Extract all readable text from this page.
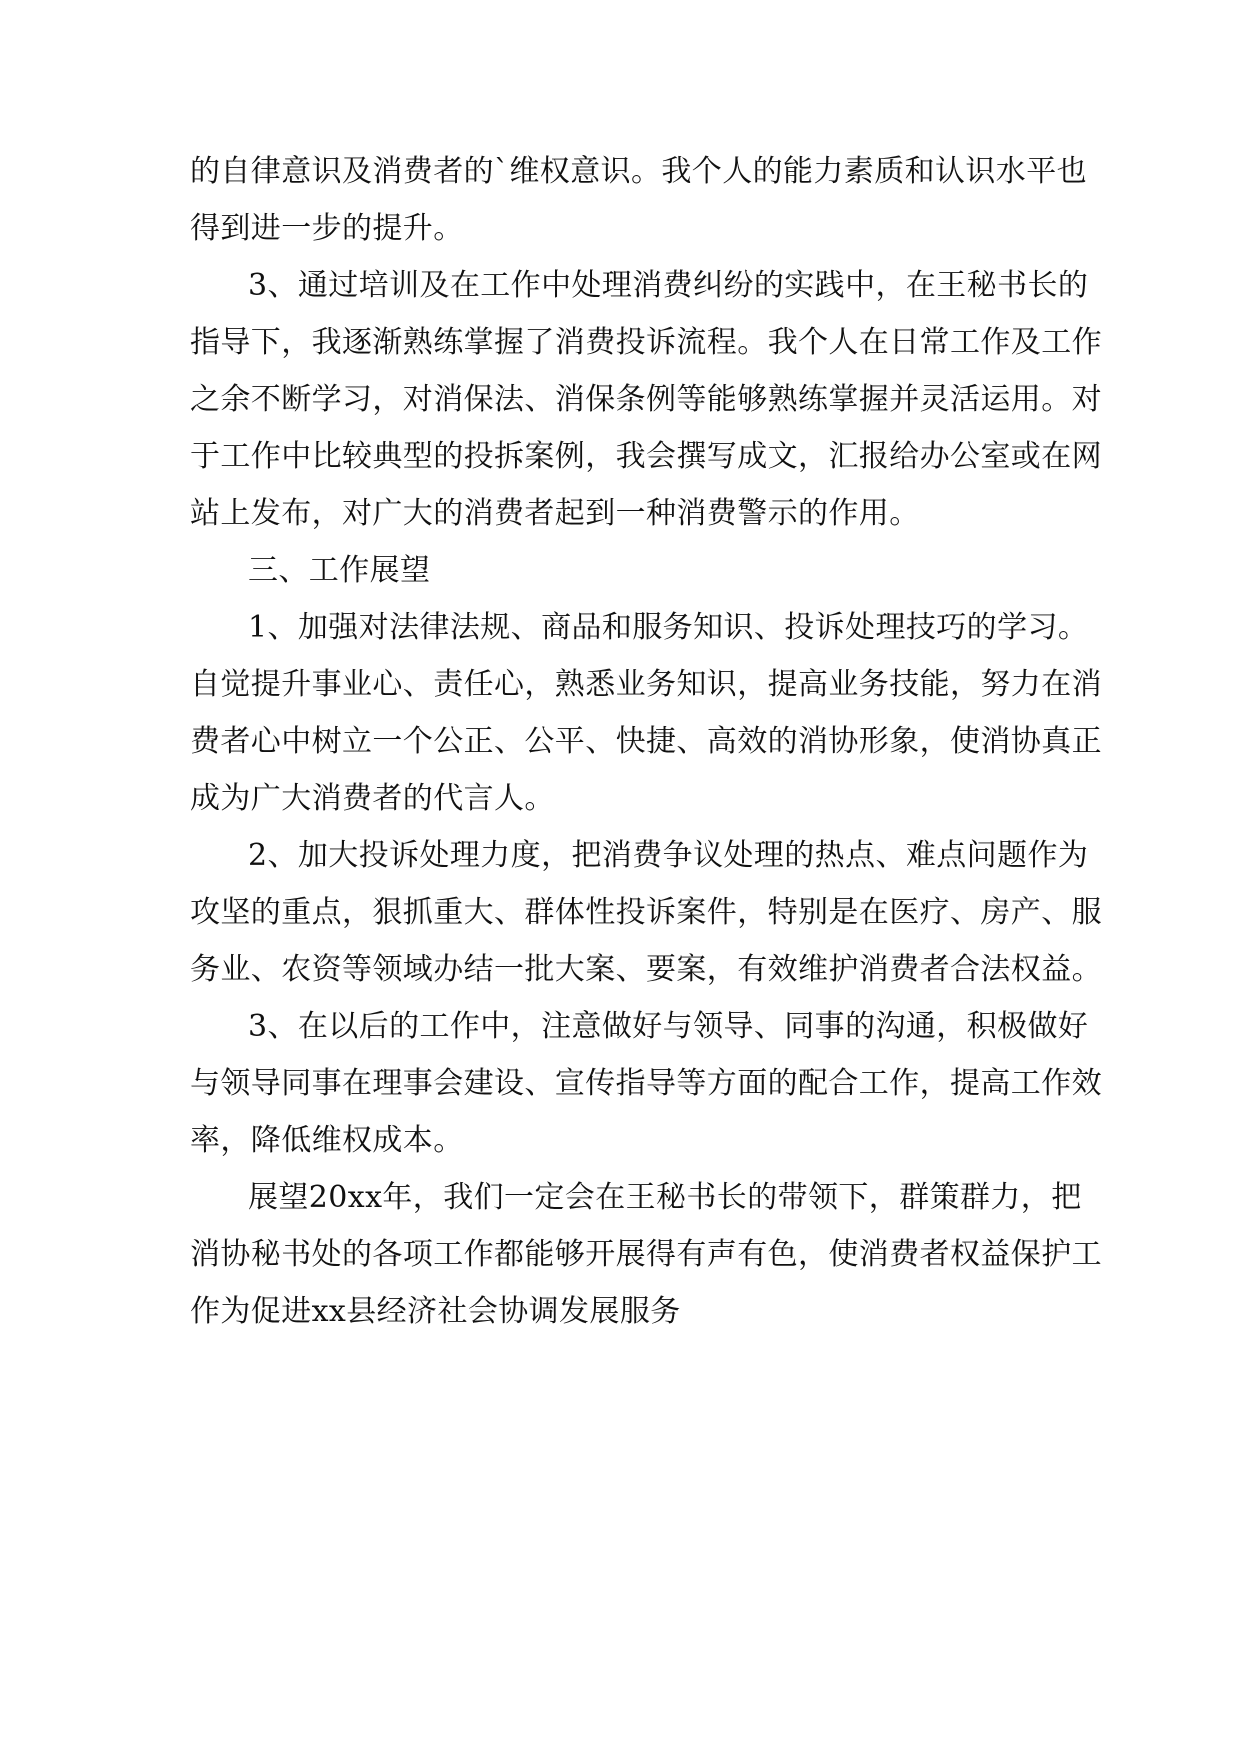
的自律意识及消费者的`维权意识。我个人的能力素质和认识水平也
得到进一步的提升。
3、通过培训及在工作中处理消费纠纷的实践中，在王秘书长的
指导下，我逐渐熟练掌握了消费投诉流程。我个人在日常工作及工作
之余不断学习，对消保法、消保条例等能够熟练掌握并灵活运用。对
于工作中比较典型的投拆案例，我会撰写成文，汇报给办公室或在网
站上发布，对广大的消费者起到一种消费警示的作用。
三、工作展望
1、加强对法律法规、商品和服务知识、投诉处理技巧的学习。
自觉提升事业心、责任心，熟悉业务知识，提高业务技能，努力在消
费者心中树立一个公正、公平、快捷、高效的消协形象，使消协真正
成为广大消费者的代言人。
2、加大投诉处理力度，把消费争议处理的热点、难点问题作为
攻坚的重点，狠抓重大、群体性投诉案件，特别是在医疗、房产、服
务业、农资等领域办结一批大案、要案，有效维护消费者合法权益。
3、在以后的工作中，注意做好与领导、同事的沟通，积极做好
与领导同事在理事会建设、宣传指导等方面的配合工作，提高工作效
率，降低维权成本。
展望20xx年，我们一定会在王秘书长的带领下，群策群力，把
消协秘书处的各项工作都能够开展得有声有色，使消费者权益保护工
作为促进xx县经济社会协调发展服务
